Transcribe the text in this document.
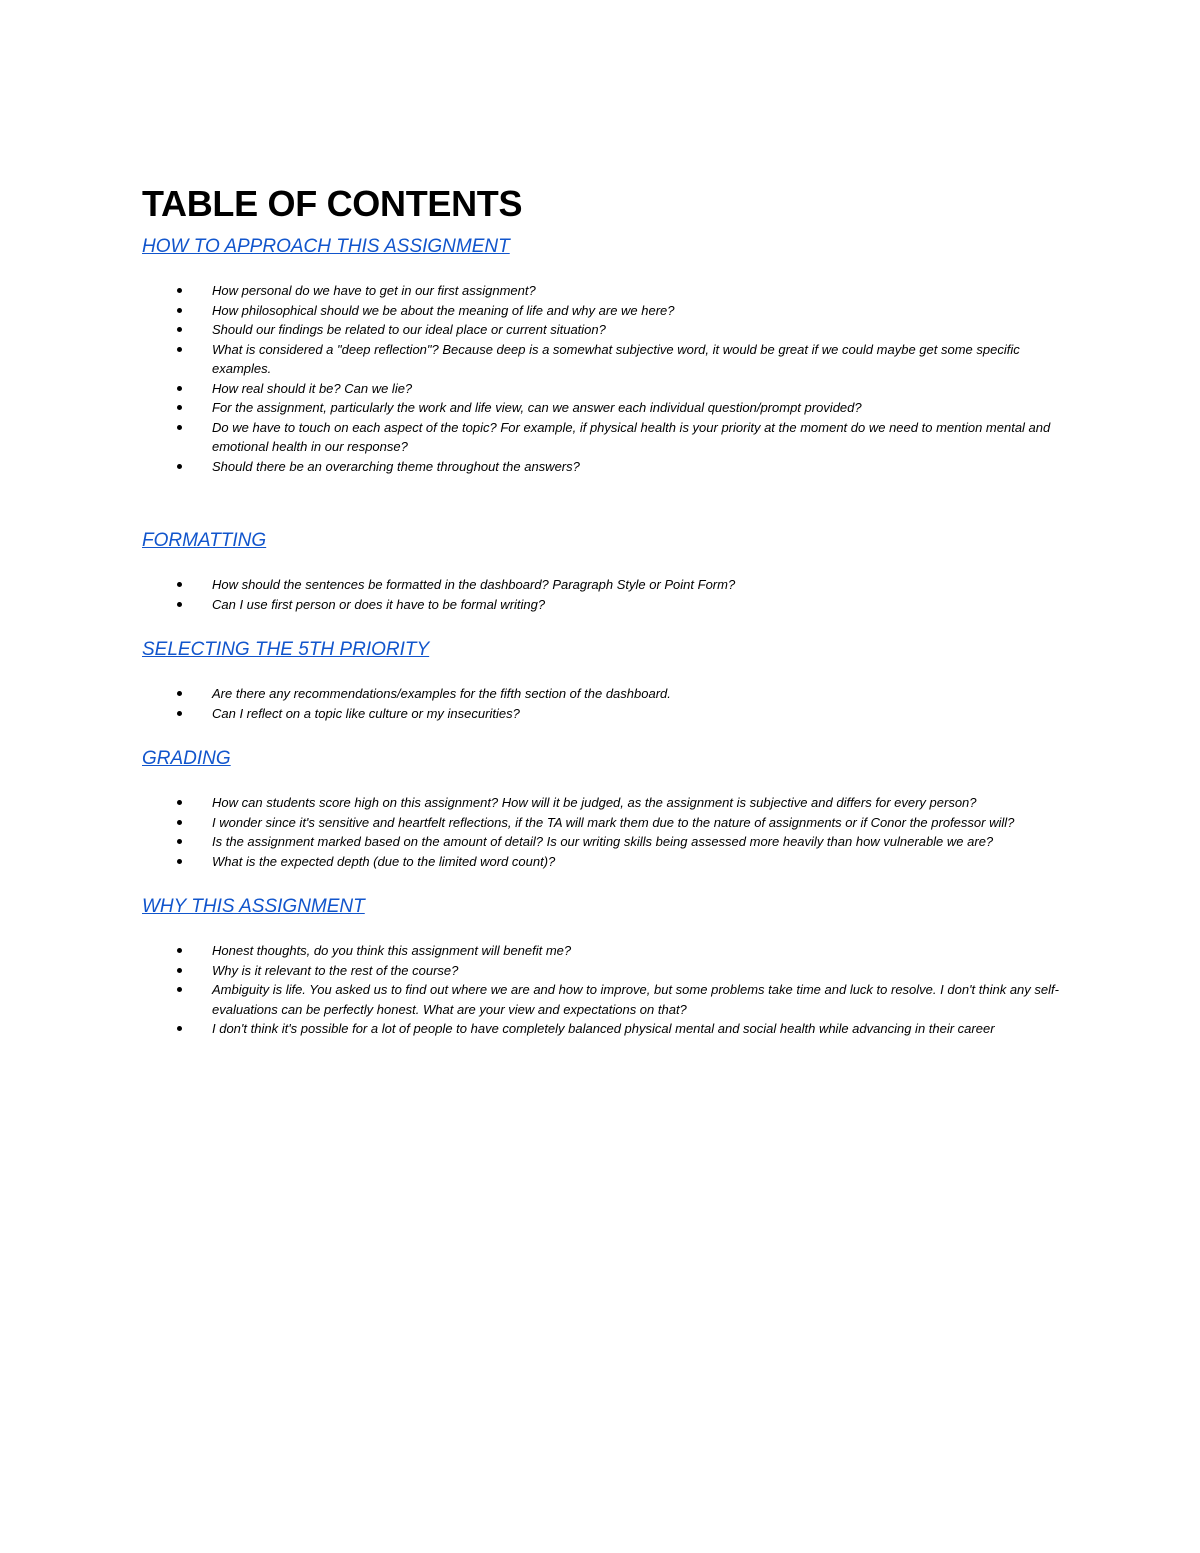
TABLE OF CONTENTS
HOW TO APPROACH THIS ASSIGNMENT
How personal do we have to get in our first assignment?
How philosophical should we be about the meaning of life and why are we here?
Should our findings be related to our ideal place or current situation?
What is considered a "deep reflection"? Because deep is a somewhat subjective word, it would be great if we could maybe get some specific examples.
How real should it be? Can we lie?
For the assignment, particularly the work and life view, can we answer each individual question/prompt provided?
Do we have to touch on each aspect of the topic? For example, if physical health is your priority at the moment do we need to mention mental and emotional health in our response?
Should there be an overarching theme throughout the answers?
FORMATTING
How should the sentences be formatted in the dashboard? Paragraph Style or Point Form?
Can I use first person or does it have to be formal writing?
SELECTING THE 5TH PRIORITY
Are there any recommendations/examples for the fifth section of the dashboard.
Can I reflect on a topic like culture or my insecurities?
GRADING
How can students score high on this assignment? How will it be judged, as the assignment is subjective and differs for every person?
I wonder since it's sensitive and heartfelt reflections, if the TA will mark them due to the nature of assignments or if Conor the professor will?
Is the assignment marked based on the amount of detail? Is our writing skills being assessed more heavily than how vulnerable we are?
What is the expected depth (due to the limited word count)?
WHY THIS ASSIGNMENT
Honest thoughts, do you think this assignment will benefit me?
Why is it relevant to the rest of the course?
Ambiguity is life. You asked us to find out where we are and how to improve, but some problems take time and luck to resolve. I don't think any self-evaluations can be perfectly honest. What are your view and expectations on that?
I don't think it's possible for a lot of people to have completely balanced physical mental and social health while advancing in their career
